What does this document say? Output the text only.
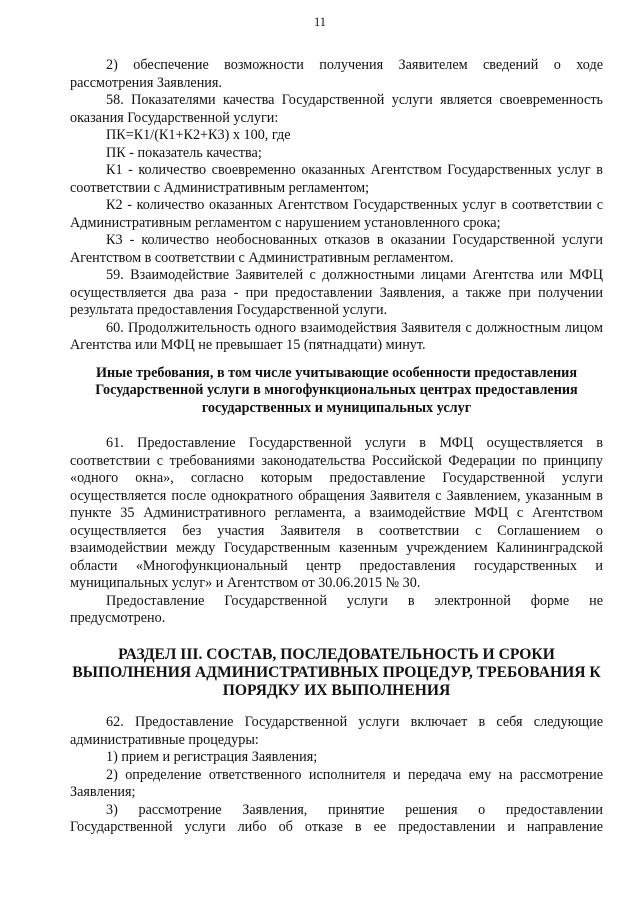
11

2) обеспечение возможности получения Заявителем сведений о ходе рассмотрения Заявления.

58. Показателями качества Государственной услуги является своевременность оказания Государственной услуги:

ПК=К1/(К1+К2+К3) х 100, где

ПК - показатель качества;

К1 - количество своевременно оказанных Агентством Государственных услуг в соответствии с Административным регламентом;

К2 - количество оказанных Агентством Государственных услуг в соответствии с Административным регламентом с нарушением установленного срока;

К3 - количество необоснованных отказов в оказании Государственной услуги Агентством в соответствии с Административным регламентом.

59. Взаимодействие Заявителей с должностными лицами Агентства или МФЦ осуществляется два раза - при предоставлении Заявления, а также при получении результата предоставления Государственной услуги.

60. Продолжительность одного взаимодействия Заявителя с должностным лицом Агентства или МФЦ не превышает 15 (пятнадцати) минут.

Иные требования, в том числе учитывающие особенности предоставления Государственной услуги в многофункциональных центрах предоставления государственных и муниципальных услуг

61. Предоставление Государственной услуги в МФЦ осуществляется в соответствии с требованиями законодательства Российской Федерации по принципу «одного окна», согласно которым предоставление Государственной услуги осуществляется после однократного обращения Заявителя с Заявлением, указанным в пункте 35 Административного регламента, а взаимодействие МФЦ с Агентством осуществляется без участия Заявителя в соответствии с Соглашением о взаимодействии между Государственным казенным учреждением Калининградской области «Многофункциональный центр предоставления государственных и муниципальных услуг» и Агентством от 30.06.2015 № 30.

Предоставление Государственной услуги в электронной форме не предусмотрено.

РАЗДЕЛ III. СОСТАВ, ПОСЛЕДОВАТЕЛЬНОСТЬ И СРОКИ ВЫПОЛНЕНИЯ АДМИНИСТРАТИВНЫХ ПРОЦЕДУР, ТРЕБОВАНИЯ К ПОРЯДКУ ИХ ВЫПОЛНЕНИЯ

62. Предоставление Государственной услуги включает в себя следующие административные процедуры:

1) прием и регистрация Заявления;

2) определение ответственного исполнителя и передача ему на рассмотрение Заявления;

3) рассмотрение Заявления, принятие решения о предоставлении Государственной услуги либо об отказе в ее предоставлении и направление
